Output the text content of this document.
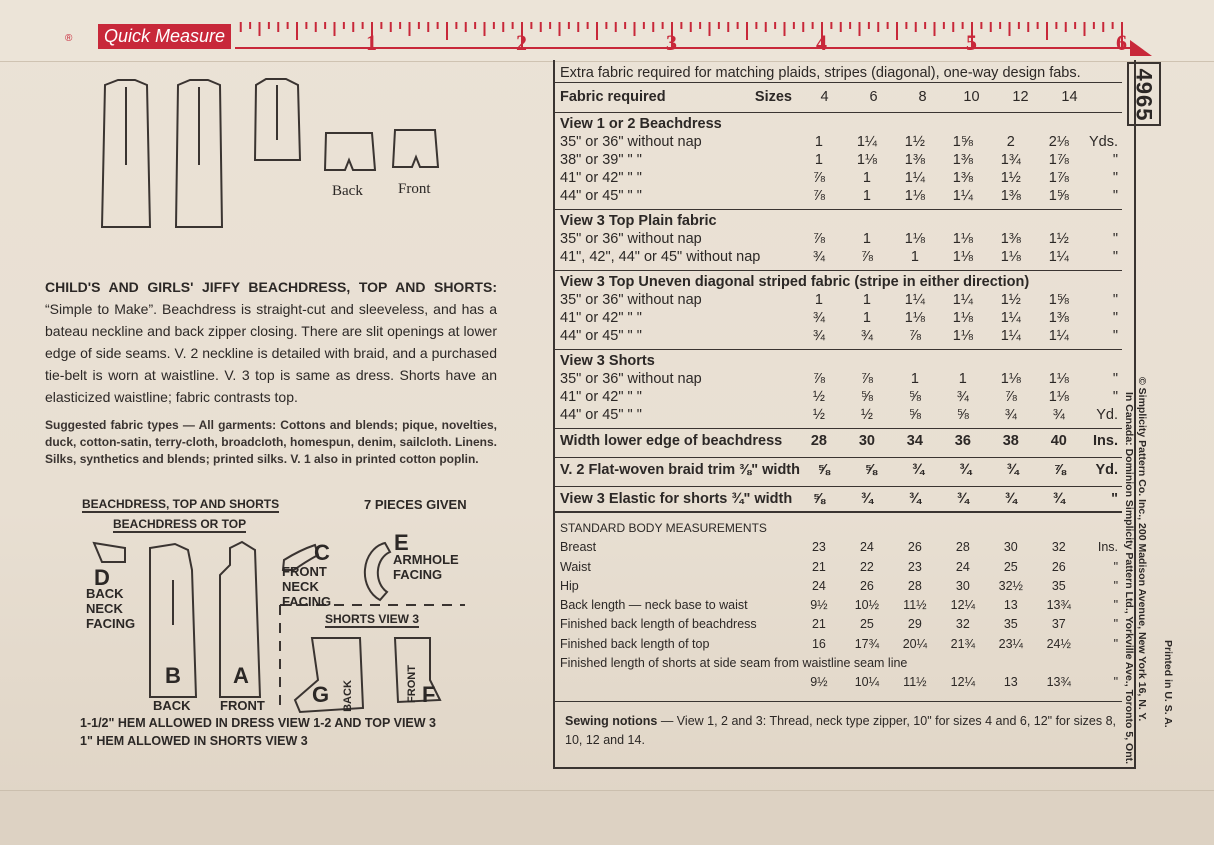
®	Quick Measure	1	2	3	4	5	6
4965
Back Front
CHILD'S AND GIRLS' JIFFY BEACHDRESS, TOP AND SHORTS: “Simple to Make”. Beachdress is straight-cut and sleeveless, and has a bateau neckline and back zipper closing. There are slit openings at lower edge of side seams. V. 2 neckline is detailed with braid, and a purchased tie-belt is worn at waistline. V. 3 top is same as dress. Shorts have an elasticized waistline; fabric contrasts top.
Suggested fabric types — All garments: Cottons and blends; pique, novelties, duck, cotton-satin, terry-cloth, broadcloth, homespun, denim, sailcloth. Linens. Silks, synthetics and blends; printed silks. V. 1 also in printed cotton poplin.
BEACHDRESS, TOP AND SHORTS
BEACHDRESS OR TOP
7 PIECES GIVEN
D
BACK NECK FACING
B
BACK
A
FRONT
C
FRONT NECK FACING
E
ARMHOLE FACING
SHORTS VIEW 3
G BACK	F
FRONT
1-1/2" HEM ALLOWED IN DRESS VIEW 1-2 AND TOP VIEW 3
1" HEM ALLOWED IN SHORTS VIEW 3
Extra fabric required for matching plaids, stripes (diagonal), one-way design fabs.
Fabric required	Sizes	4	6	8	10	12	14
View 1 or 2 Beachdress
35" or 36" without nap	1	1¼	1½	1⅝	2	2⅛	Yds.
38" or 39" " "	1	1⅛	1⅜	1⅜	1¾	1⅞	"
41" or 42" " "	⅞	1	1¼	1⅜	1½	1⅞	"
44" or 45" " "	⅞	1	1⅛	1¼	1⅜	1⅝	"
View 3 Top Plain fabric
35" or 36" without nap	⅞	1	1⅛	1⅛	1⅜	1½	"
41", 42", 44" or 45" without nap	¾	⅞	1	1⅛	1⅛	1¼	"
View 3 Top Uneven diagonal striped fabric (stripe in either direction)
35" or 36" without nap	1	1	1¼	1¼	1½	1⅝	"
41" or 42" " "	¾	1	1⅛	1⅛	1¼	1⅜	"
44" or 45" " "	¾	¾	⅞	1⅛	1¼	1¼	"
View 3 Shorts
35" or 36" without nap	⅞	⅞	1	1	1⅛	1⅛	"
41" or 42" " "	½	⅝	⅝	¾	⅞	1⅛	"
44" or 45" " "	½	½	⅝	⅝	¾	¾	Yd.
Width lower edge of beachdress	28	30	34	36	38	40	Ins.
V. 2 Flat-woven braid trim ⅜" width	⅝	⅝	¾	¾	¾	⅞	Yd.
View 3 Elastic for shorts ¾" width	⅝	¾	¾	¾	¾	¾	"
STANDARD BODY MEASUREMENTS
Breast	23	24	26	28	30	32	Ins.
Waist	21	22	23	24	25	26	"
Hip	24	26	28	30	32½	35	"
Back length — neck base to waist	9½	10½	11½	12¼	13	13¾	"
Finished back length of beachdress	21	25	29	32	35	37	"
Finished back length of top	16	17¾	20¼	21¾	23¼	24½	"
Finished length of shorts at side seam from waistline seam line
9½	10¼	11½	12¼	13	13¾	"
Sewing notions — View 1, 2 and 3: Thread, neck type zipper, 10" for sizes 4 and 6, 12" for sizes 8, 10, 12 and 14.
© Simplicity Pattern Co. Inc., 200 Madison Avenue, New York 16, N. Y.
In Canada: Dominion Simplicity Pattern Ltd., Yorkville Ave., Toronto 5, Ont.	Printed in U. S. A.
